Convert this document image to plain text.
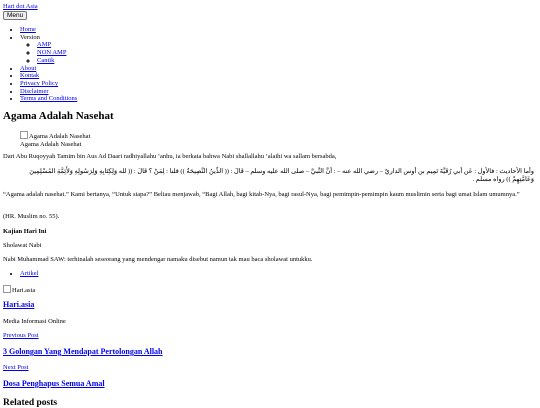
Hari dot Asia
Menu
• Home
• Version
◦ AMP
◦ NON AMP
◦ Cantik
• About
• Kontak
• Privacy Policy
• Disclaimer
• Terms and Conditions
Agama Adalah Nasehat
Agama Adalah Nasehat
Agama Adalah Nasehat

Dari Abu Ruqoyyah Tamim bin Aus Ad Daari radhiyallahu ‘anhu, ia berkata bahwa Nabi shallallahu ‘alaihi wa sallam bersabda,

وأما الأحاديث : فالأول : عَن أبي رُقَيَّةَ تَمِيم بن أوس الداريّ – رضي الله عنه – : أنَّ النَّبيَّ – صلى الله عليه وسلم – قَالَ : (( الدِّينُ النَّصِيحَةُ )) قلنا : لِمَنْ ؟ قَالَ : (( لله وَلِكِتَابِهِ وَلِرَسُولِهِ وَلأَئِمَّةِ المُسْلِمِينَ
وَعَامَّتِهِمْ )) رواه مسلم .

“Agama adalah nasehat.” Kami bertanya, “Untuk siapa?” Beliau menjawab, “Bagi Allah, bagi kitab-Nya, bagi rasul-Nya, bagi pemimpin-pemimpin kaum muslimin serta bagi umat Islam umumnya.”

(HR. Muslim no. 55).

Kajian Hari Ini

Sholawat Nabi

Nabi Muhammad SAW: terhinalah seseorang yang mendengar namaku disebut namun tak mau baca sholawat untukku.

• Artikel
Hari.asia
Hari.asia

Media Informasi Online

Previous Post
3 Golongan Yang Mendapat Pertolongan Allah
Next Post
Dosa Penghapus Semua Amal
Related posts
